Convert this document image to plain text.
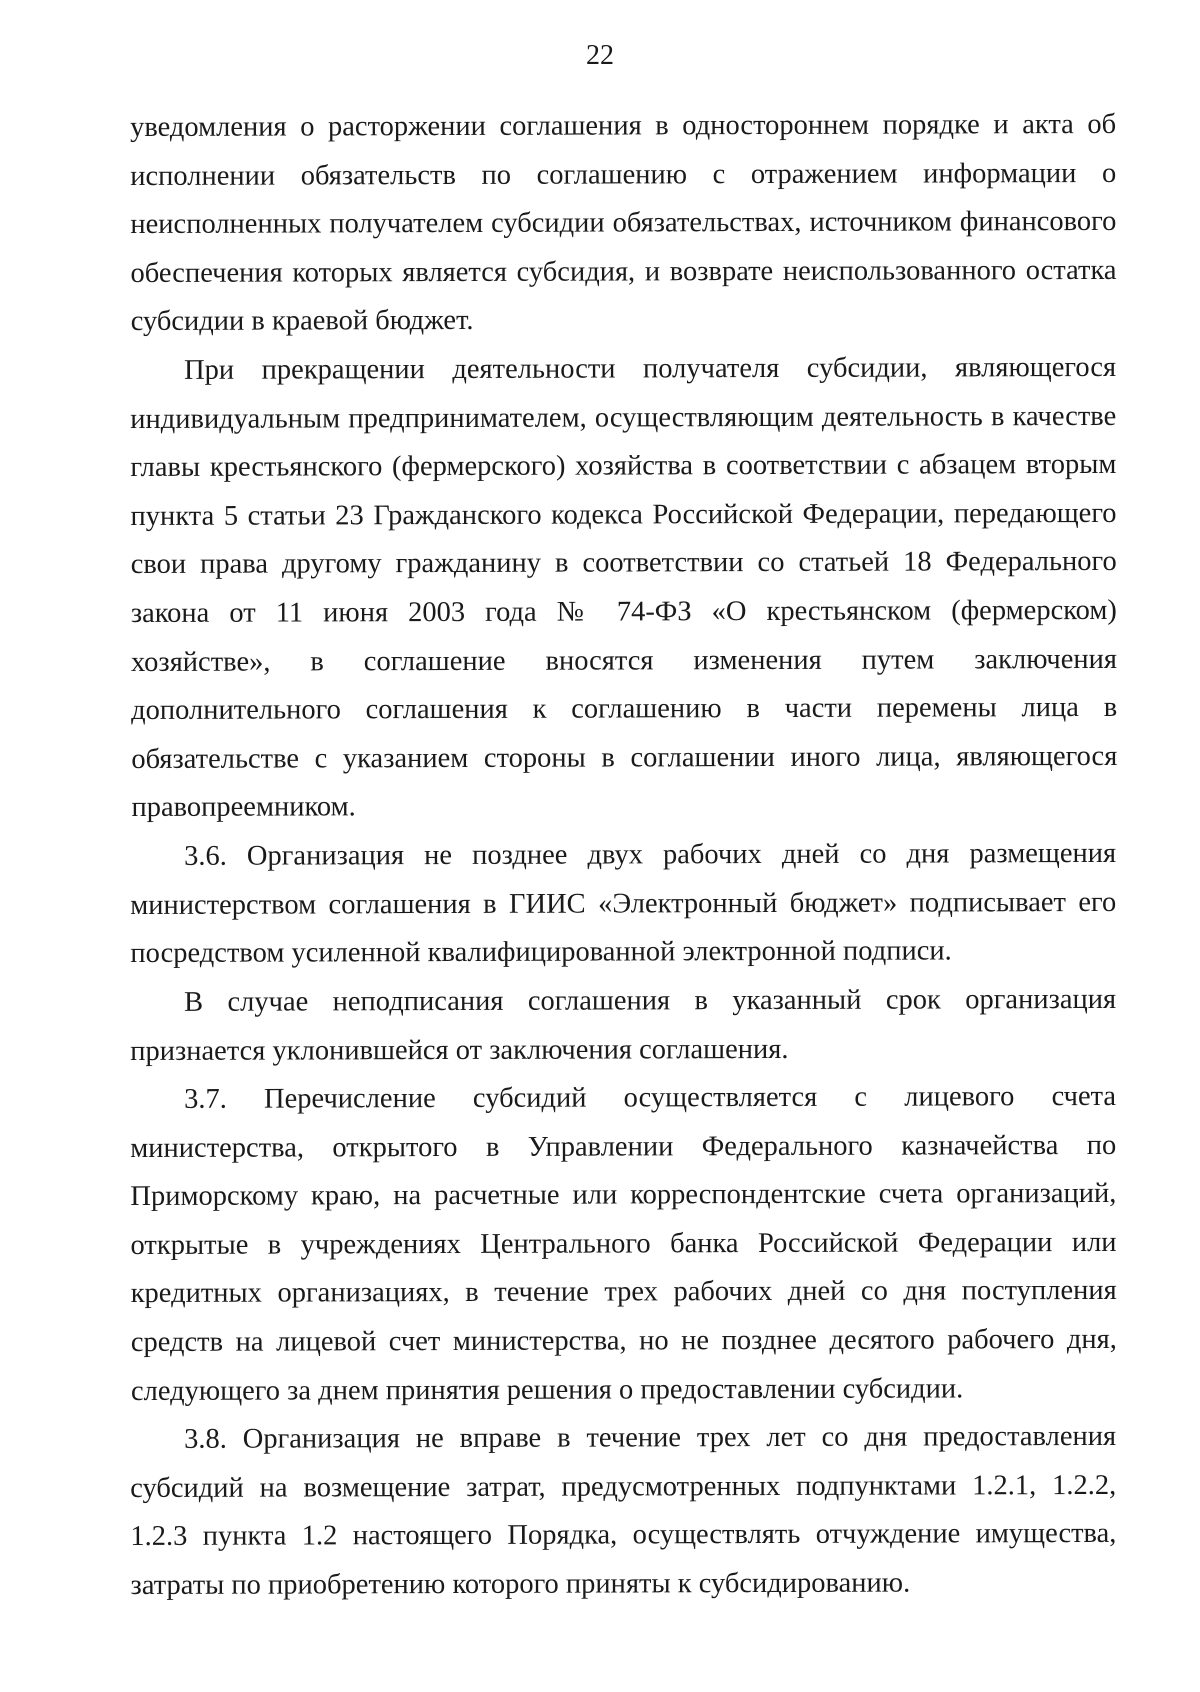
22

уведомления о расторжении соглашения в одностороннем порядке и акта об исполнении обязательств по соглашению с отражением информации о неисполненных получателем субсидии обязательствах, источником финансового обеспечения которых является субсидия, и возврате неиспользованного остатка субсидии в краевой бюджет.

При прекращении деятельности получателя субсидии, являющегося индивидуальным предпринимателем, осуществляющим деятельность в качестве главы крестьянского (фермерского) хозяйства в соответствии с абзацем вторым пункта 5 статьи 23 Гражданского кодекса Российской Федерации, передающего свои права другому гражданину в соответствии со статьей 18 Федерального закона от 11 июня 2003 года № 74-ФЗ «О крестьянском (фермерском) хозяйстве», в соглашение вносятся изменения путем заключения дополнительного соглашения к соглашению в части перемены лица в обязательстве с указанием стороны в соглашении иного лица, являющегося правопреемником.

3.6. Организация не позднее двух рабочих дней со дня размещения министерством соглашения в ГИИС «Электронный бюджет» подписывает его посредством усиленной квалифицированной электронной подписи.

В случае неподписания соглашения в указанный срок организация признается уклонившейся от заключения соглашения.

3.7. Перечисление субсидий осуществляется с лицевого счета министерства, открытого в Управлении Федерального казначейства по Приморскому краю, на расчетные или корреспондентские счета организаций, открытые в учреждениях Центрального банка Российской Федерации или кредитных организациях, в течение трех рабочих дней со дня поступления средств на лицевой счет министерства, но не позднее десятого рабочего дня, следующего за днем принятия решения о предоставлении субсидии.

3.8. Организация не вправе в течение трех лет со дня предоставления субсидий на возмещение затрат, предусмотренных подпунктами 1.2.1, 1.2.2, 1.2.3 пункта 1.2 настоящего Порядка, осуществлять отчуждение имущества, затраты по приобретению которого приняты к субсидированию.
